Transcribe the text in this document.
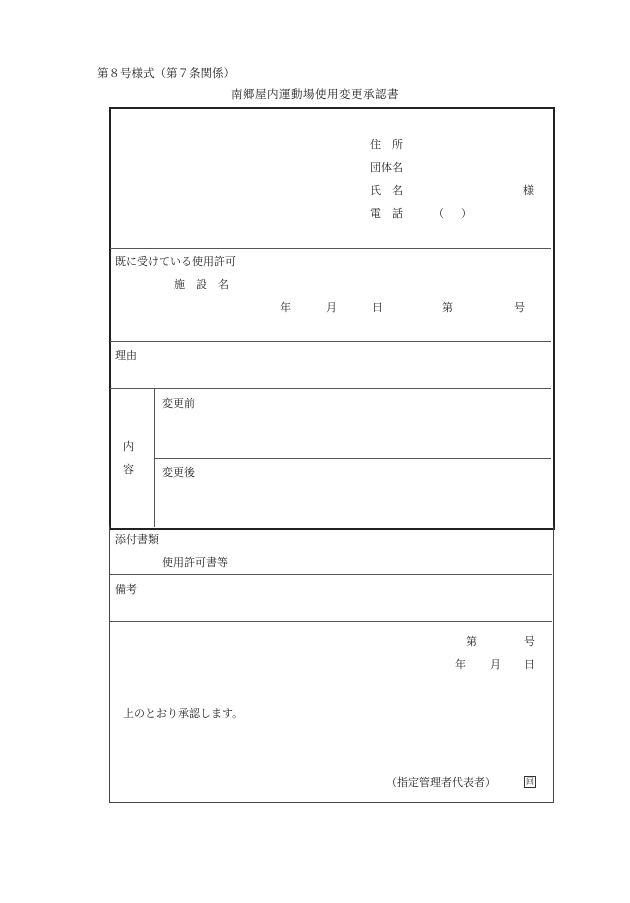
第８号様式（第７条関係）
南郷屋内運動場使用変更承認書
住　所
団体名
氏　名	様
電　話	（ ）
既に受けている使用許可
施　設　名
年	月	日	第	号
理由
内
容
変更前
変更後
添付書類
使用許可書等
備考
第	号
年 月 日
上のとおり承認します。
（指定管理者代表者）	回
